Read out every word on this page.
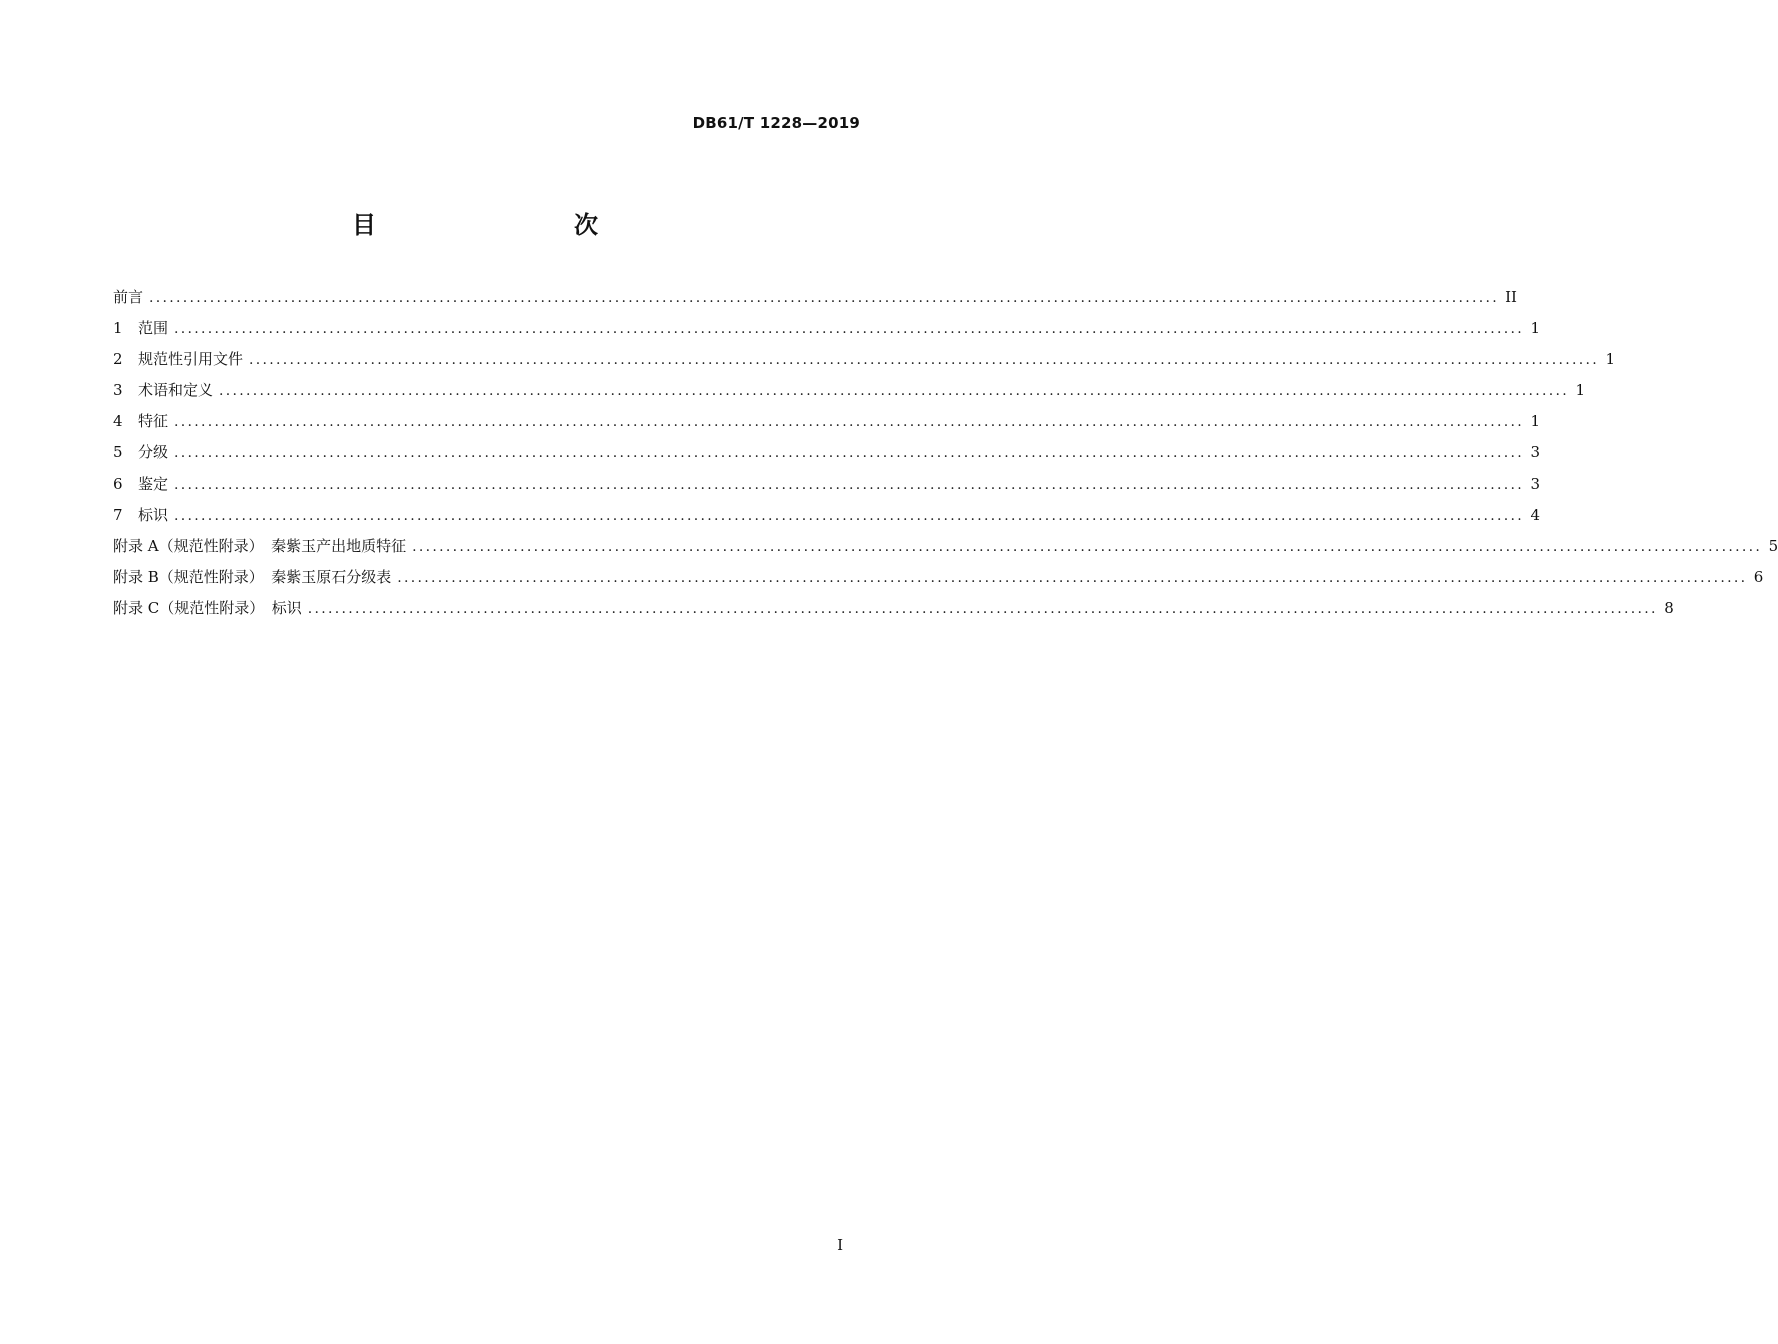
DB61/T 1228—2019
目　　次
前言 ........................................................................................................................................................................................................ II
1 范围 ........................................................................................................................................................................................................ 1
2 规范性引用文件 ........................................................................................................................................................................................................ 1
3 术语和定义 ........................................................................................................................................................................................................ 1
4 特征 ........................................................................................................................................................................................................ 1
5 分级 ........................................................................................................................................................................................................ 3
6 鉴定 ........................................................................................................................................................................................................ 3
7 标识 ........................................................................................................................................................................................................ 4
附录 A（规范性附录）　秦紫玉产出地质特征 ........................................................................................................................................................................................................ 5
附录 B（规范性附录）　秦紫玉原石分级表 ........................................................................................................................................................................................................ 6
附录 C（规范性附录）　标识 ........................................................................................................................................................................................................ 8
I
